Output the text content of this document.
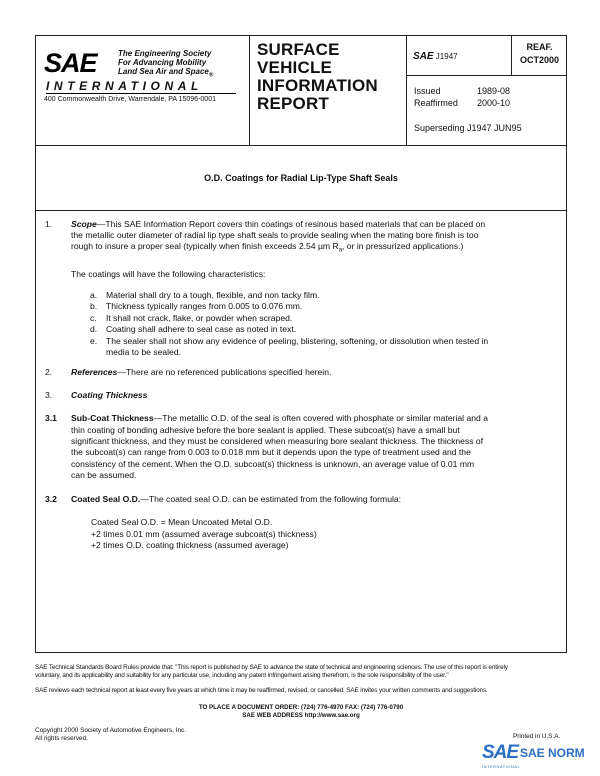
SAE	The Engineering Society
For Advancing Mobility
Land Sea Air and Space$_®$
INTERNATIONAL
400 Commonwealth Drive, Warrendale, PA 15096-0001
SURFACE
VEHICLE
INFORMATION
REPORT
SAE J1947
REAF.
OCT2000
Issued	1989-08
Reaffirmed 2000-10
Superseding J1947 JUN95
O.D. Coatings for Radial Lip-Type Shaft Seals
1. Scope—This SAE Information Report covers thin coatings of resinous based materials that can be placed on
the metallic outer diameter of radial lip type shaft seals to provide sealing when the mating bore finish is too
rough to insure a proper seal (typically when finish exceeds 2.54 µm $R_a$, or in pressurized applications.)
The coatings will have the following characteristics:
a. Material shall dry to a tough, flexible, and non tacky film.
b. Thickness typically ranges from 0.005 to 0.076 mm.
c. It shall not crack, flake, or powder when scraped.
d. Coating shall adhere to seal case as noted in text.
e. The sealer shall not show any evidence of peeling, blistering, softening, or dissolution when tested in
media to be sealed.
2. References—There are no referenced publications specified herein.
3. Coating Thickness
3.1 Sub-Coat Thickness—The metallic O.D. of the seal is often covered with phosphate or similar material and a
thin coating of bonding adhesive before the bore sealant is applied. These subcoat(s) have a small but
significant thickness, and they must be considered when measuring bore sealant thickness. The thickness of
the subcoat(s) can range from 0.003 to 0.018 mm but it depends upon the type of treatment used and the
consistency of the cement. When the O.D. subcoat(s) thickness is unknown, an average value of 0.01 mm
can be assumed.
3.2 Coated Seal O.D.—The coated seal O.D. can be estimated from the following formula:
Coated Seal O.D. = Mean Uncoated Metal O.D.
+2 times 0.01 mm (assumed average subcoat(s) thickness)
+2 times O.D. coating thickness (assumed average)
SAE Technical Standards Board Rules provide that: "This report is published by SAE to advance the state of technical and engineering sciences. The use of this report is entirely
voluntary, and its applicability and suitability for any particular use, including any patent infringement arising therefrom, is the sole responsibility of the user."
SAE reviews each technical report at least every five years at which time it may be reaffirmed, revised, or cancelled. SAE invites your written comments and suggestions.
TO PLACE A DOCUMENT ORDER: (724) 776-4970 FAX: (724) 776-0790
SAE WEB ADDRESS http://www.sae.org
Copyright 2000 Society of Automotive Engineers, Inc.
All rights reserved.	Printed in U.S.A.
SAE SAE NORM
INTERNATIONAL
